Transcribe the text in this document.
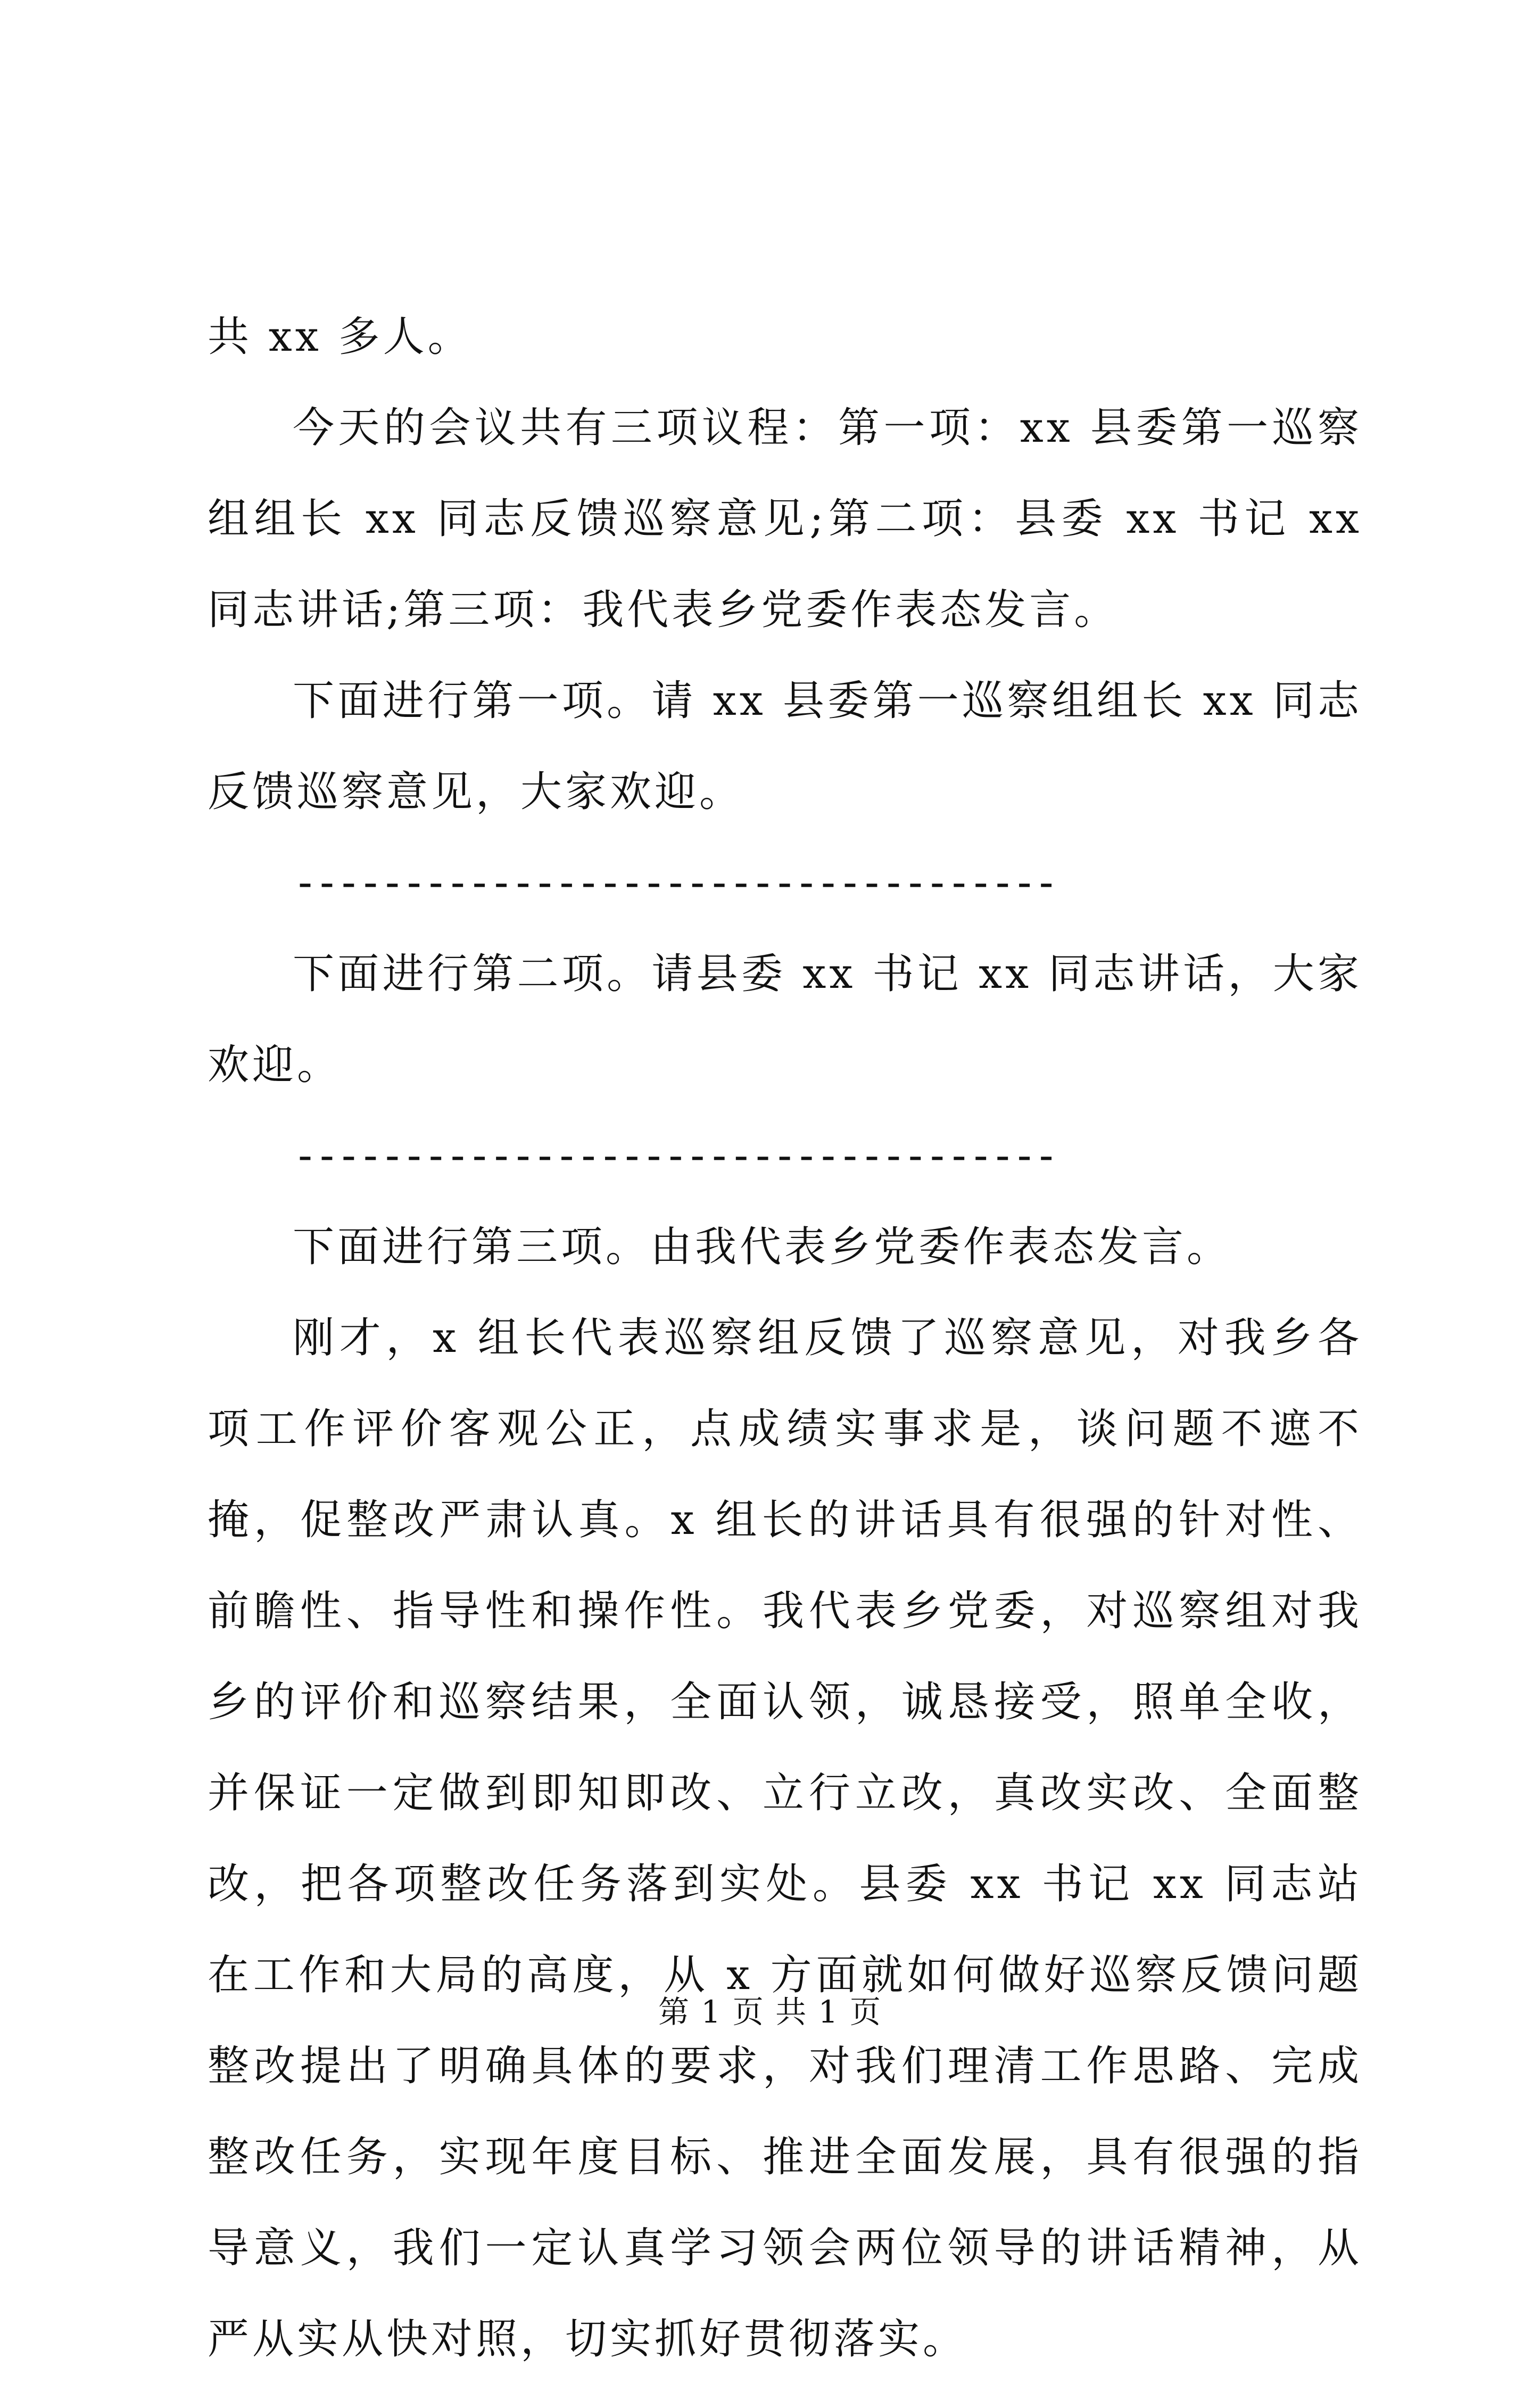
共 xx 多人。

今天的会议共有三项议程：第一项：xx 县委第一巡察组组长 xx 同志反馈巡察意见;第二项：县委 xx 书记 xx 同志讲话;第三项：我代表乡党委作表态发言。

下面进行第一项。请 xx 县委第一巡察组组长 xx 同志反馈巡察意见，大家欢迎。

-----------------------------------

下面进行第二项。请县委 xx 书记 xx 同志讲话，大家欢迎。

-----------------------------------

下面进行第三项。由我代表乡党委作表态发言。

刚才，x 组长代表巡察组反馈了巡察意见，对我乡各项工作评价客观公正，点成绩实事求是，谈问题不遮不掩，促整改严肃认真。x 组长的讲话具有很强的针对性、前瞻性、指导性和操作性。我代表乡党委，对巡察组对我乡的评价和巡察结果，全面认领，诚恳接受，照单全收，并保证一定做到即知即改、立行立改，真改实改、全面整改，把各项整改任务落到实处。县委 xx 书记 xx 同志站在工作和大局的高度，从 x 方面就如何做好巡察反馈问题整改提出了明确具体的要求，对我们理清工作思路、完成整改任务，实现年度目标、推进全面发展，具有很强的指导意义，我们一定认真学习领会两位领导的讲话精神，从严从实从快对照，切实抓好贯彻落实。

第 1 页 共 1 页
